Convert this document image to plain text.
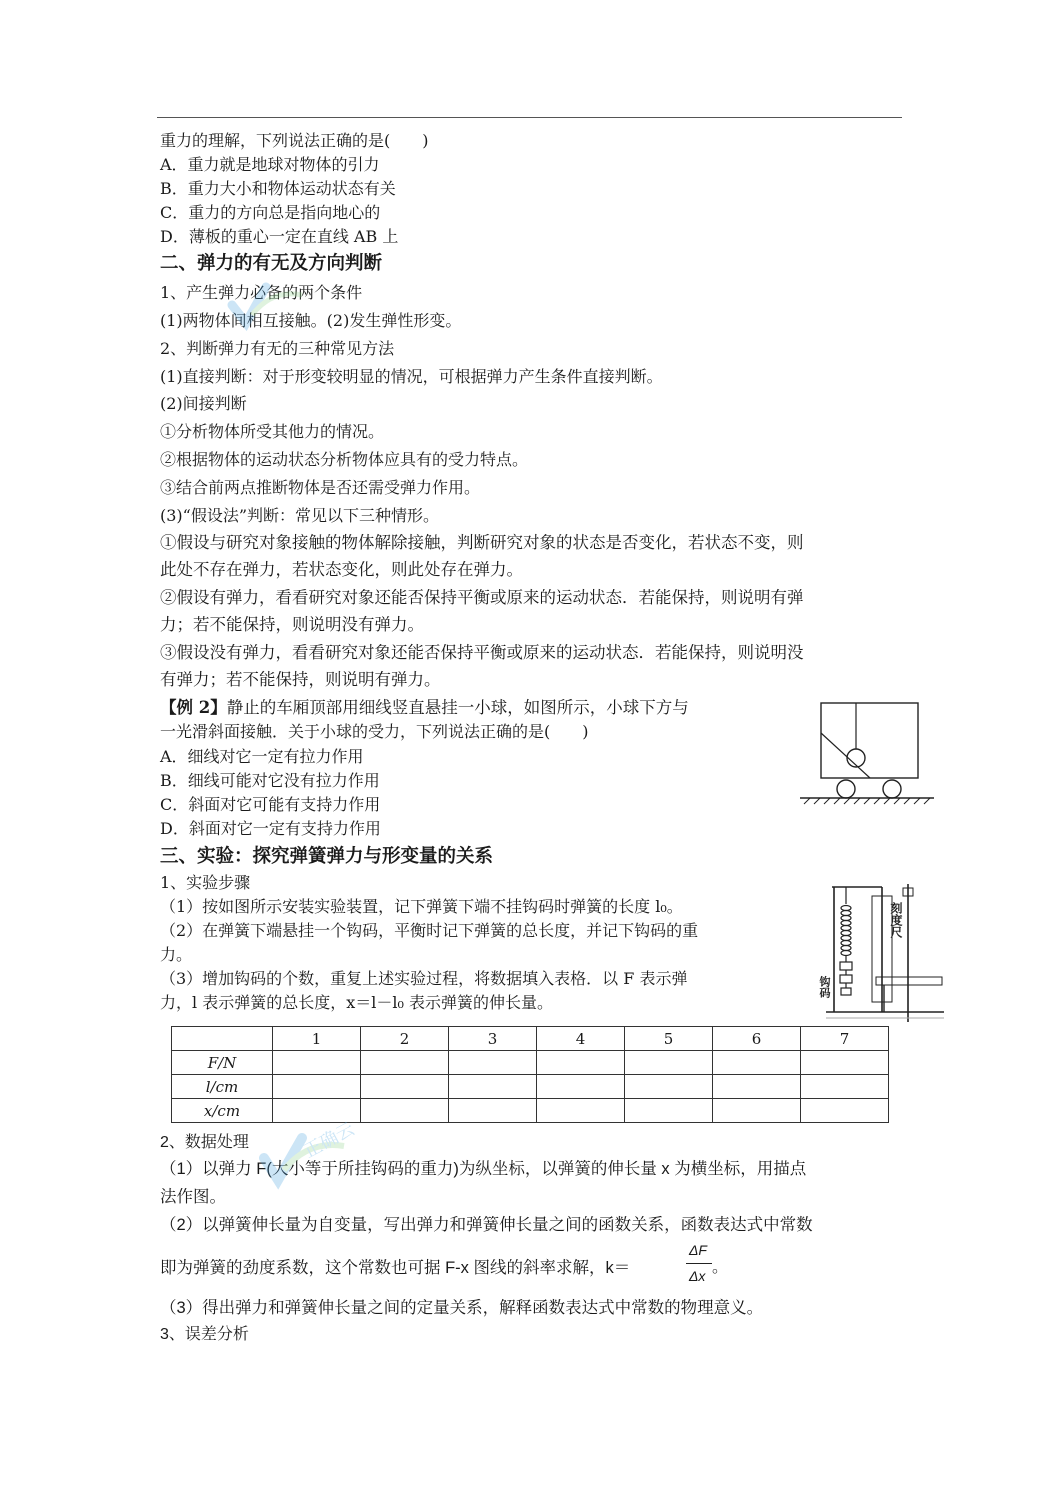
重力的理解，下列说法正确的是(　　)
A．重力就是地球对物体的引力
B．重力大小和物体运动状态有关
C．重力的方向总是指向地心的
D．薄板的重心一定在直线 AB 上
二、弹力的有无及方向判断
1、产生弹力必备的两个条件
(1)两物体间相互接触。(2)发生弹性形变。
2、判断弹力有无的三种常见方法
(1)直接判断：对于形变较明显的情况，可根据弹力产生条件直接判断。
(2)间接判断
①分析物体所受其他力的情况。
②根据物体的运动状态分析物体应具有的受力特点。
③结合前两点推断物体是否还需受弹力作用。
(3)“假设法”判断：常见以下三种情形。
①假设与研究对象接触的物体解除接触，判断研究对象的状态是否变化，若状态不变，则
此处不存在弹力，若状态变化，则此处存在弹力。
②假设有弹力，看看研究对象还能否保持平衡或原来的运动状态．若能保持，则说明有弹
力；若不能保持，则说明没有弹力。
③假设没有弹力，看看研究对象还能否保持平衡或原来的运动状态．若能保持，则说明没
有弹力；若不能保持，则说明有弹力。
【例 2】静止的车厢顶部用细线竖直悬挂一小球，如图所示，小球下方与
一光滑斜面接触．关于小球的受力，下列说法正确的是(　　)
A．细线对它一定有拉力作用
B．细线可能对它没有拉力作用
C．斜面对它可能有支持力作用
D．斜面对它一定有支持力作用
三、实验：探究弹簧弹力与形变量的关系
1、实验步骤
（1）按如图所示安装实验装置，记下弹簧下端不挂钩码时弹簧的长度 l₀。
（2）在弹簧下端悬挂一个钩码，平衡时记下弹簧的总长度，并记下钩码的重
力。
（3）增加钩码的个数，重复上述实验过程，将数据填入表格．以 F 表示弹
力，l 表示弹簧的总长度，x＝l－l₀ 表示弹簧的伸长量。
钩码
刻度尺
	1	2	3	4	5	6	7
F/N							
l/cm							
x/cm							
2、数据处理
（1）以弹力 F(大小等于所挂钩码的重力)为纵坐标，以弹簧的伸长量 x 为横坐标，用描点
法作图。
（2）以弹簧伸长量为自变量，写出弹力和弹簧伸长量之间的函数关系，函数表达式中常数
即为弹簧的劲度系数，这个常数也可据 F-x 图线的斜率求解，k＝
ΔF
Δx 。
（3）得出弹力和弹簧伸长量之间的定量关系，解释函数表达式中常数的物理意义。
3、误差分析
正确云
